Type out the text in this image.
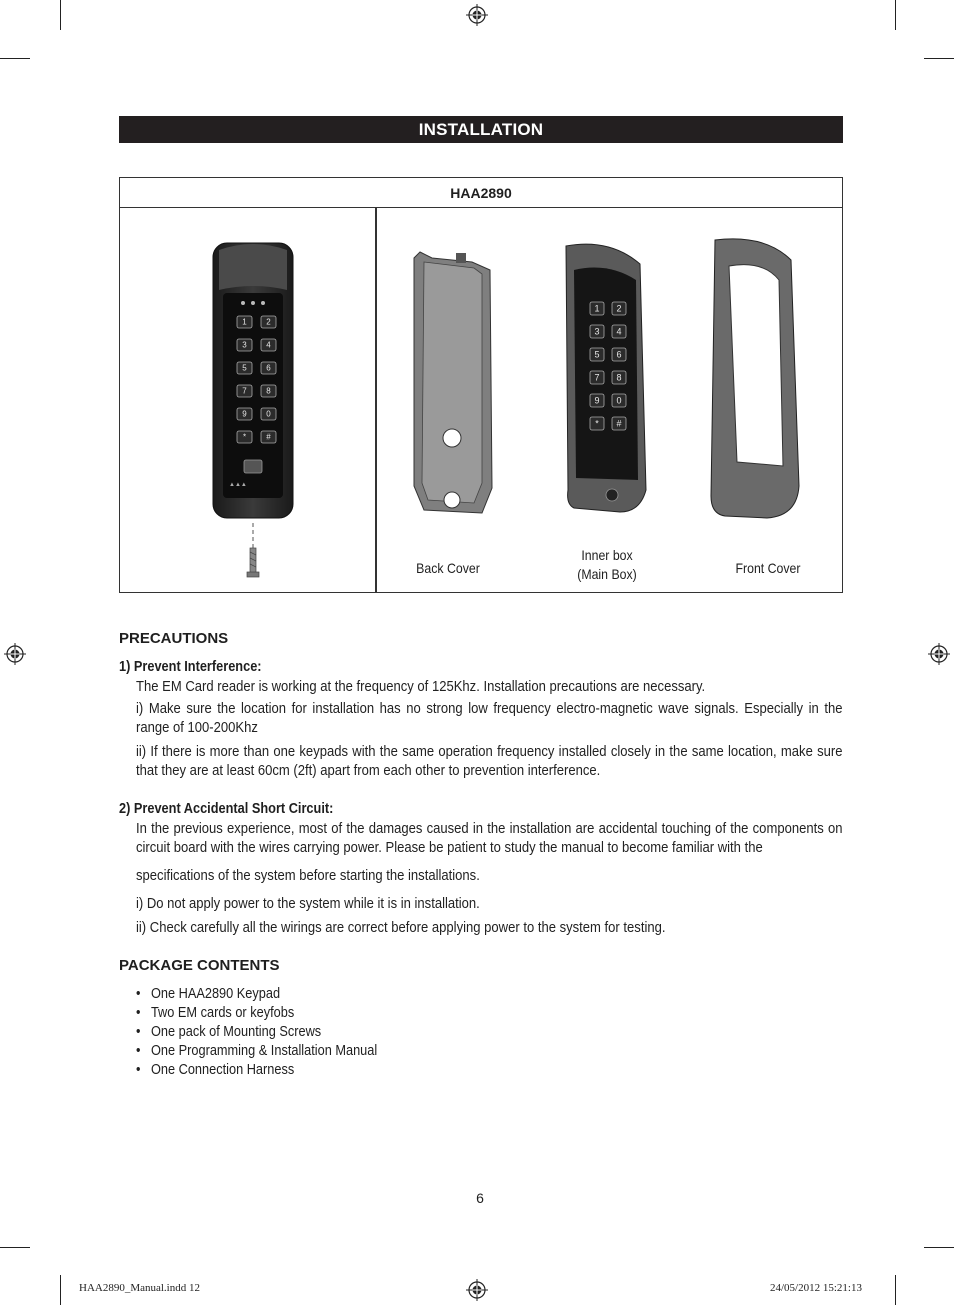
INSTALLATION
HAA2890
1 2
3 4
5 6
7 8
9 0
*	#
▲▲▲
1 2
3 4
5 6
7 8
9 0
* #
Back Cover
Inner box
(Main Box)	Front Cover
PRECAUTIONS
1) Prevent Interference:
The EM Card reader is working at the frequency of 125Khz. Installation precautions are necessary.
i) Make sure the location for installation has no strong low frequency electro-magnetic wave signals. Especially in the range of 100-200Khz
ii) If there is more than one keypads with the same operation frequency installed closely in the same location, make sure that they are at least 60cm (2ft) apart from each other to prevention interference.
2) Prevent Accidental Short Circuit:
In the previous experience, most of the damages caused in the installation are accidental touching of the components on circuit board with the wires carrying power. Please be patient to study the manual to become familiar with the
specifications of the system before starting the installations.
i) Do not apply power to the system while it is in installation.
ii) Check carefully all the wirings are correct before applying power to the system for testing.
PACKAGE CONTENTS
• One HAA2890 Keypad
• Two EM cards or keyfobs
• One pack of Mounting Screws
• One Programming & Installation Manual
• One Connection Harness
6
HAA2890_Manual.indd 12	24/05/2012 15:21:13
